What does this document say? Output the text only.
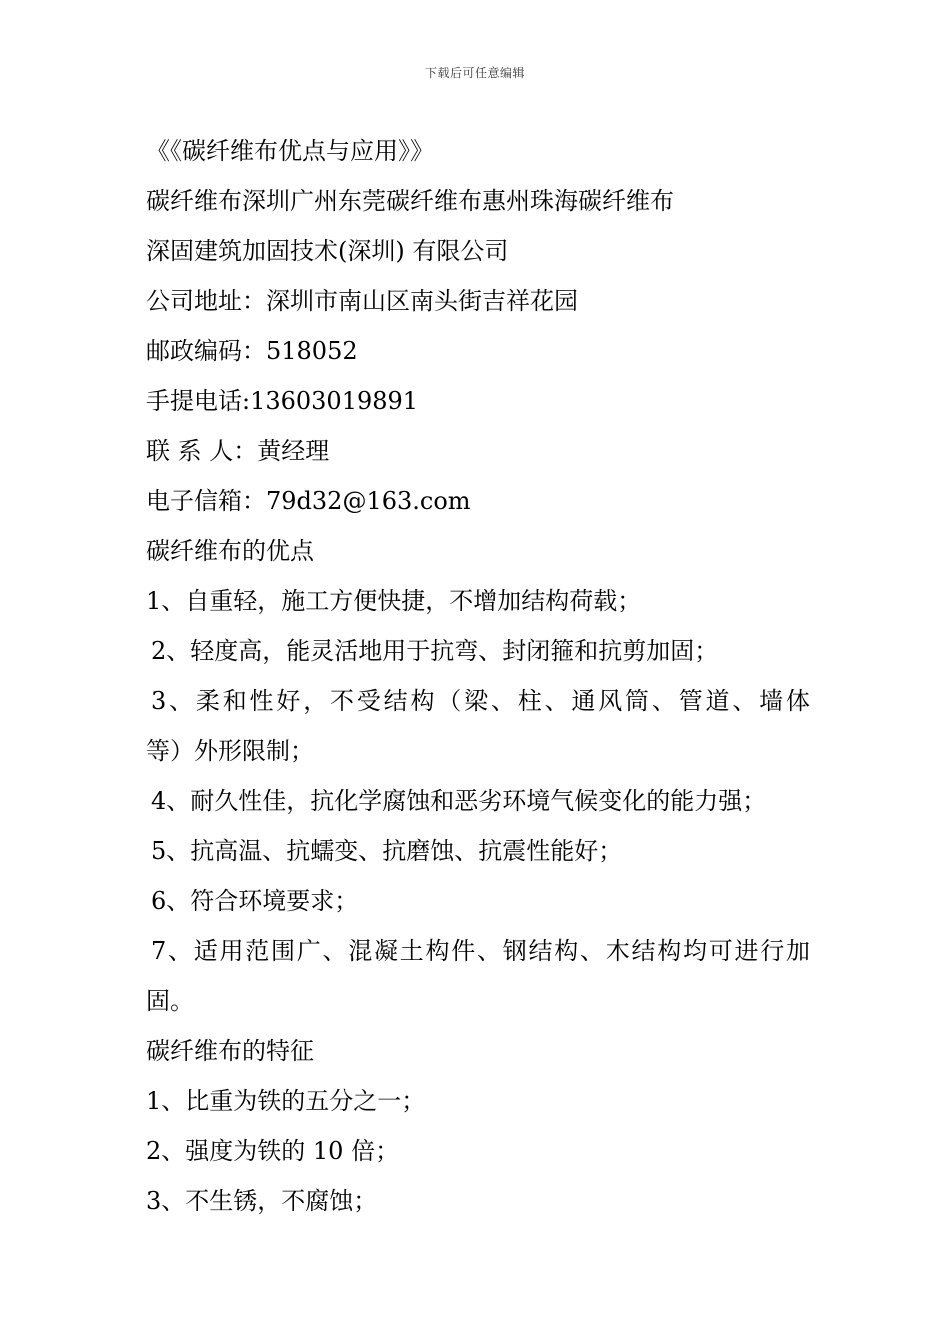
下载后可任意编辑
《《碳纤维布优点与应用》》
碳纤维布深圳广州东莞碳纤维布惠州珠海碳纤维布
深固建筑加固技术(深圳) 有限公司
公司地址：深圳市南山区南头街吉祥花园
邮政编码：518052
手提电话:13603019891
联 系 人：黄经理
电子信箱：79d32@163.com
碳纤维布的优点
1、自重轻，施工方便快捷，不增加结构荷载；
2、轻度高，能灵活地用于抗弯、封闭箍和抗剪加固；
3、柔和性好，不受结构（梁、柱、通风筒、管道、墙体
等）外形限制；
4、耐久性佳，抗化学腐蚀和恶劣环境气候变化的能力强；
5、抗高温、抗蠕变、抗磨蚀、抗震性能好；
6、符合环境要求；
7、适用范围广、混凝土构件、钢结构、木结构均可进行加
固。
碳纤维布的特征
1、比重为铁的五分之一；
2、强度为铁的 10 倍；
3、不生锈，不腐蚀；
